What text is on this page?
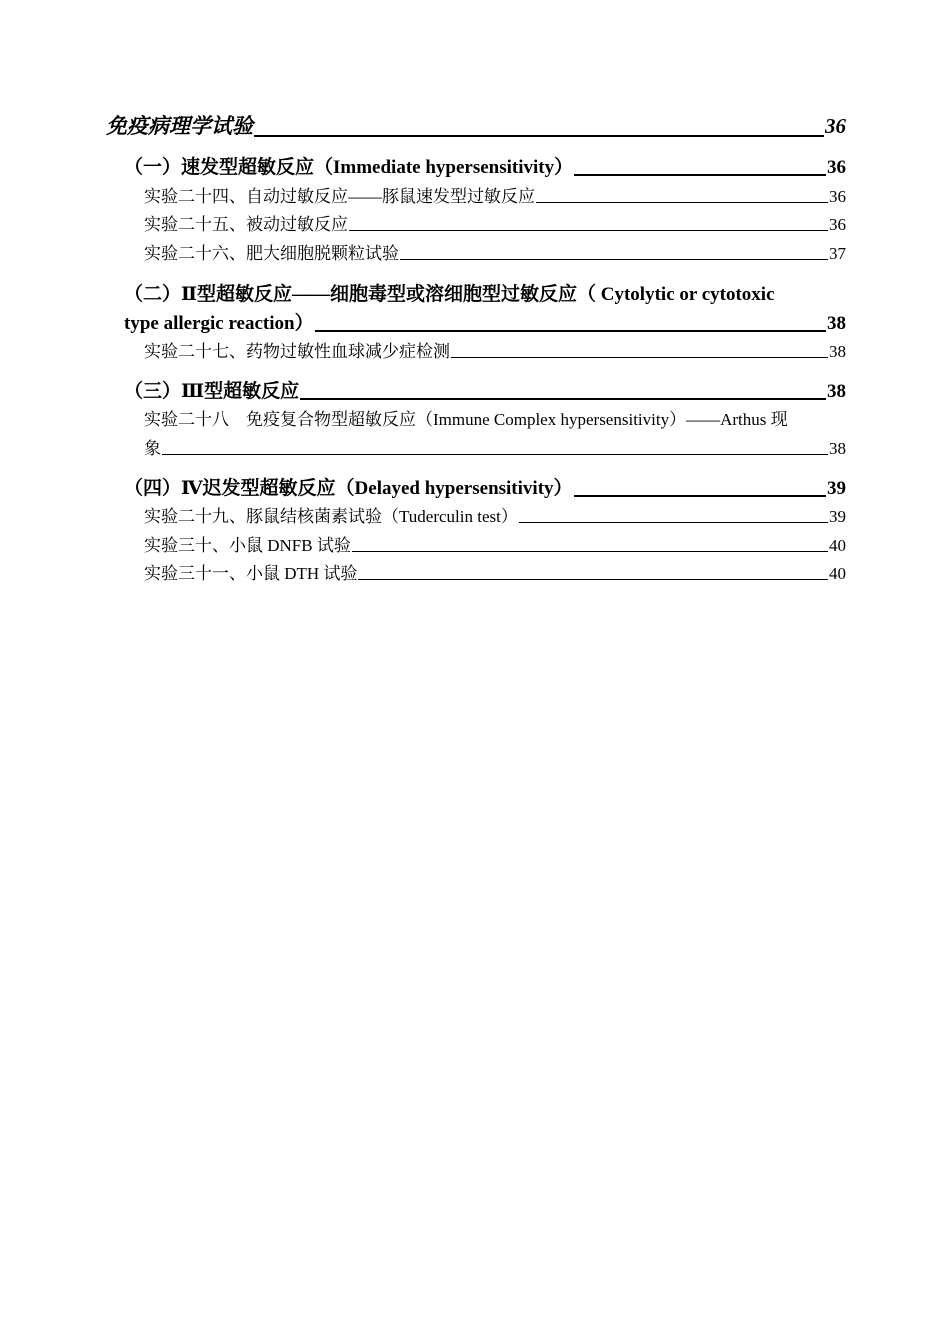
免疫病理学试验	36
（一）速发型超敏反应（Immediate hypersensitivity）	36
实验二十四、自动过敏反应——豚鼠速发型过敏反应	36
实验二十五、被动过敏反应	36
实验二十六、肥大细胞脱颗粒试验	37
（二）Ⅱ型超敏反应——细胞毒型或溶细胞型过敏反应（ Cytolytic or cytotoxic
type allergic reaction）	38
实验二十七、药物过敏性血球减少症检测	38
（三）Ⅲ型超敏反应	38
实验二十八　免疫复合物型超敏反应（Immune Complex hypersensitivity）——Arthus 现
象	38
（四）Ⅳ迟发型超敏反应（Delayed hypersensitivity）	39
实验二十九、豚鼠结核菌素试验（Tuderculin test）	39
实验三十、小鼠 DNFB 试验	40
实验三十一、小鼠 DTH 试验	40
